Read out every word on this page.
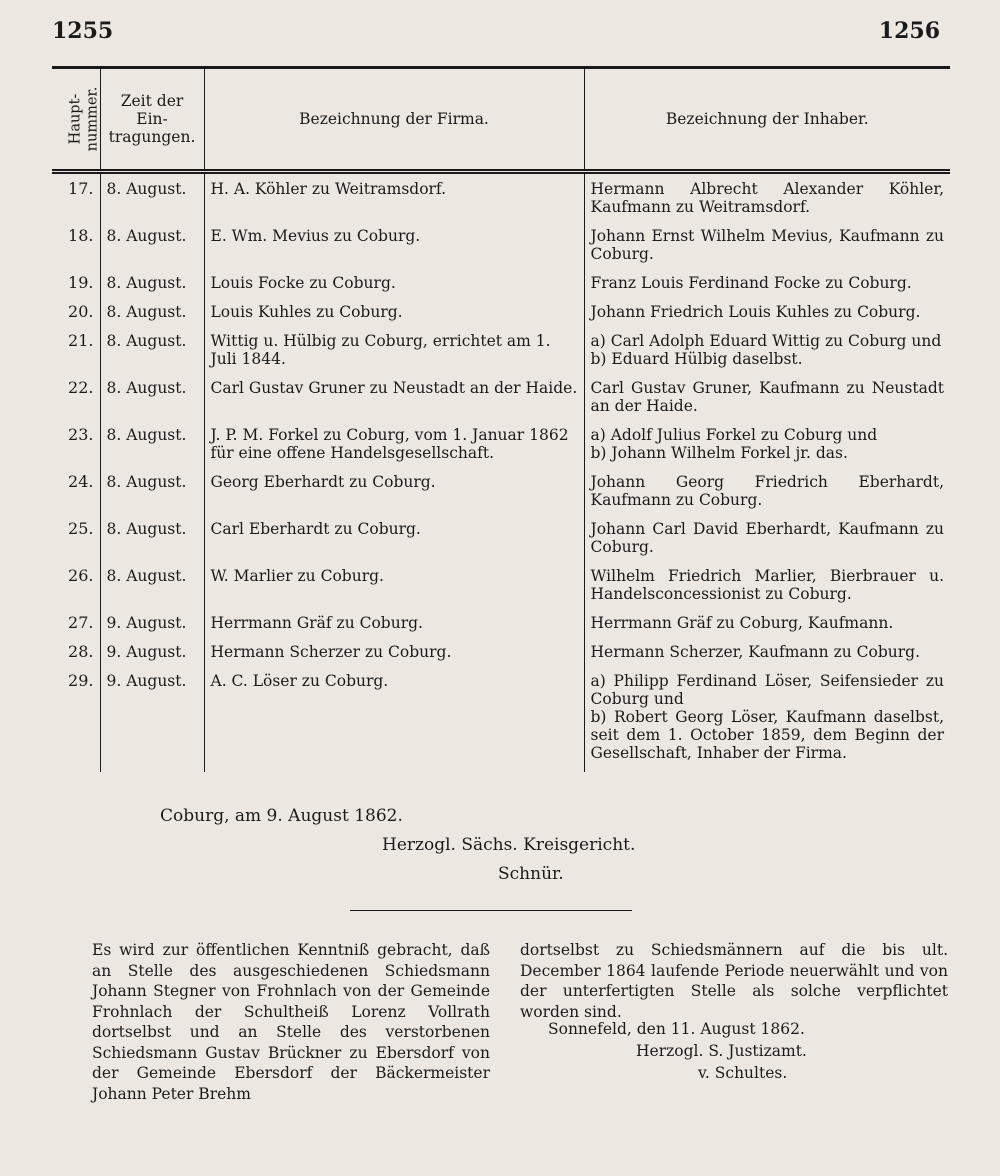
1255	1256
Haupt-
nummer.	Zeit der
Ein-
tragungen.	Bezeichnung der Firma.	Bezeichnung der Inhaber.
17.	8. August.	H. A. Köhler zu Weitramsdorf.	Hermann Albrecht Alexander Köhler, Kaufmann zu Weitramsdorf.
18.	8. August.	E. Wm. Mevius zu Coburg.	Johann Ernst Wilhelm Mevius, Kaufmann zu Coburg.
19.	8. August.	Louis Focke zu Coburg.	Franz Louis Ferdinand Focke zu Coburg.
20.	8. August.	Louis Kuhles zu Coburg.	Johann Friedrich Louis Kuhles zu Coburg.
21.	8. August.	Wittig u. Hülbig zu Coburg, errichtet am 1. Juli 1844.	a) Carl Adolph Eduard Wittig zu Coburg und
b) Eduard Hülbig daselbst.
22.	8. August.	Carl Gustav Gruner zu Neustadt an der Haide.	Carl Gustav Gruner, Kaufmann zu Neustadt an der Haide.
23.	8. August.	J. P. M. Forkel zu Coburg, vom 1. Januar 1862 für eine offene Handelsgesellschaft.	a) Adolf Julius Forkel zu Coburg und
b) Johann Wilhelm Forkel jr. das.
24.	8. August.	Georg Eberhardt zu Coburg.	Johann Georg Friedrich Eberhardt, Kaufmann zu Coburg.
25.	8. August.	Carl Eberhardt zu Coburg.	Johann Carl David Eberhardt, Kaufmann zu Coburg.
26.	8. August.	W. Marlier zu Coburg.	Wilhelm Friedrich Marlier, Bierbrauer u. Handelsconcessionist zu Coburg.
27.	9. August.	Herrmann Gräf zu Coburg.	Herrmann Gräf zu Coburg, Kaufmann.
28.	9. August.	Hermann Scherzer zu Coburg.	Hermann Scherzer, Kaufmann zu Coburg.
29.	9. August.	A. C. Löser zu Coburg.	a) Philipp Ferdinand Löser, Seifensieder zu Coburg und
b) Robert Georg Löser, Kaufmann daselbst, seit dem 1. October 1859, dem Beginn der Gesellschaft, Inhaber der Firma.
Coburg, am 9. August 1862.
Herzogl. Sächs. Kreisgericht.
Schnür.
Es wird zur öffentlichen Kenntniß gebracht, daß an Stelle des ausgeschiedenen Schiedsmann Johann Stegner von Frohnlach von der Gemeinde Frohnlach der Schultheiß Lorenz Vollrath dortselbst und an Stelle des verstorbenen Schiedsmann Gustav Brückner zu Ebersdorf von der Gemeinde Ebersdorf der Bäckermeister Johann Peter Brehm
dortselbst zu Schiedsmännern auf die bis ult. December 1864 laufende Periode neuerwählt und von der unterfertigten Stelle als solche verpflichtet worden sind.
Sonnefeld, den 11. August 1862.
Herzogl. S. Justizamt.
v. Schultes.
